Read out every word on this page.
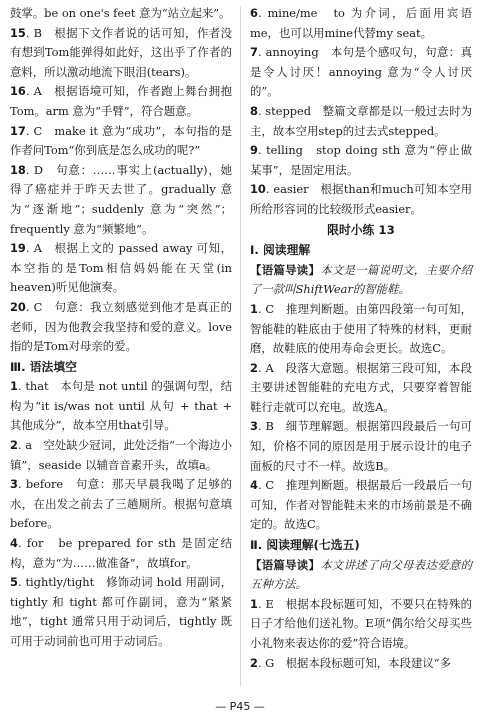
鼓掌。be on one's feet 意为“站立起来”。

15. B　根据下文作者说的话可知，作者没有想到Tom能弹得如此好，这出乎了作者的意料，所以激动地流下眼泪(tears)。

16. A　根据语境可知，作者跑上舞台拥抱Tom。arm 意为“手臂”，符合题意。

17. C　make it 意为“成功”，本句指的是作者问Tom“你到底是怎么成功的呢?”

18. D　句意：……事实上(actually)，她得了癌症并于昨天去世了。gradually 意为“逐渐地”；suddenly 意为“突然”；frequently 意为“频繁地”。

19. A　根据上文的 passed away 可知，本空指的是Tom相信妈妈能在天堂(in heaven)听见他演奏。

20. C　句意：我立刻感觉到他才是真正的老师，因为他教会我坚持和爱的意义。love 指的是Tom对母亲的爱。

Ⅲ. 语法填空

1. that　本句是 not until 的强调句型，结构为“it is/was not until 从句 + that + 其他成分”，故本空用that引导。

2. a　空处缺少冠词，此处泛指“一个海边小镇”，seaside 以辅音音素开头，故填a。

3. before　句意：那天早晨我喝了足够的水，在出发之前去了三趟厕所。根据句意填before。

4. for　be prepared for sth 是固定结构，意为“为……做准备”，故填for。

5. tightly/tight　修饰动词 hold 用副词，tightly 和 tight 都可作副词，意为“紧紧地”，tight 通常只用于动词后，tightly 既可用于动词前也可用于动词后。

6. mine/me　to 为介词，后面用宾语me，也可以用mine代替my seat。

7. annoying　本句是个感叹句，句意：真是令人讨厌！annoying 意为“令人讨厌的”。

8. stepped　整篇文章都是以一般过去时为主，故本空用step的过去式stepped。

9. telling　stop doing sth 意为“停止做某事”，是固定用法。

10. easier　根据than和much可知本空用所给形容词的比较级形式easier。

限时小练 13

Ⅰ. 阅读理解

【语篇导读】本文是一篇说明文，主要介绍了一款叫ShiftWear的智能鞋。

1. C　推理判断题。由第四段第一句可知，智能鞋的鞋底由于使用了特殊的材料，更耐磨，故鞋底的使用寿命会更长。故选C。

2. A　段落大意题。根据第三段可知，本段主要讲述智能鞋的充电方式，只要穿着智能鞋行走就可以充电。故选A。

3. B　细节理解题。根据第四段最后一句可知，价格不同的原因是用于展示设计的电子面板的尺寸不一样。故选B。

4. C　推理判断题。根据最后一段最后一句可知，作者对智能鞋未来的市场前景是不确定的。故选C。

Ⅱ. 阅读理解(七选五)

【语篇导读】本文讲述了向父母表达爱意的五种方法。

1. E　根据本段标题可知，不要只在特殊的日子才给他们送礼物。E项“偶尔给父母买些小礼物来表达你的爱”符合语境。

2. G　根据本段标题可知，本段建议“多

— P45 —
